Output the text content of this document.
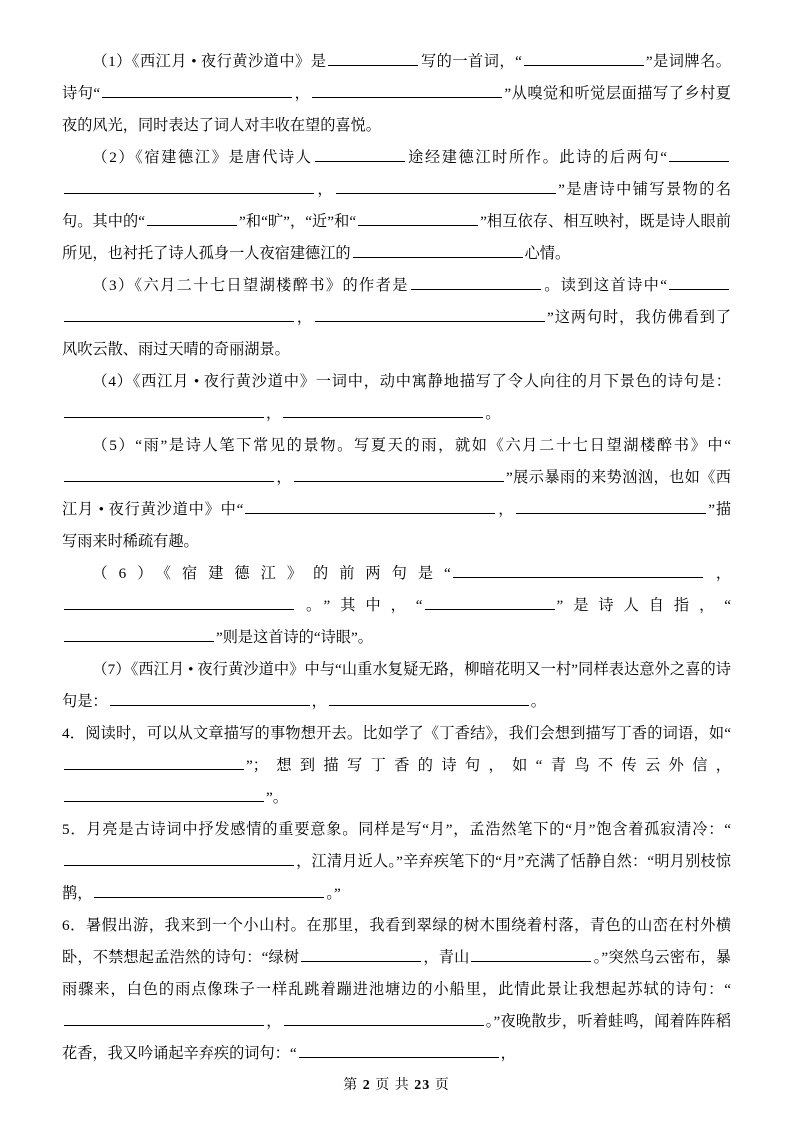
（1）《西江月 • 夜行黄沙道中》是	写的一首词，“	”是词牌名。诗句“	，	”从嗅觉和听觉层面描写了乡村夏夜的风光，同时表达了词人对丰收在望的喜悦。
（2）《宿建德江》是唐代诗人	途经建德江时所作。此诗的后两句“　，	”是唐诗中铺写景物的名句。其中的“	”和“旷”，“近”和“	”相互依存、相互映衬，既是诗人眼前所见，也衬托了诗人孤身一人夜宿建德江的	心情。
（3）《六月二十七日望湖楼醉书》的作者是	。读到这首诗中“　，	”这两句时，我仿佛看到了风吹云散、雨过天晴的奇丽湖景。
（4）《西江月 • 夜行黄沙道中》一词中，动中寓静地描写了令人向往的月下景色的诗句是：，	。
（5）“雨”是诗人笔下常见的景物。写夏天的雨，就如《六月二十七日望湖楼醉书》中“，	”展示暴雨的来势汹汹，也如《西江月 • 夜行黄沙道中》中“	，	”描写雨来时稀疏有趣。
（6）《宿建德江》的前两句是“	，。”其中，“	”是诗人自指，“”则是这首诗的“诗眼”。
（7）《西江月 • 夜行黄沙道中》中与“山重水复疑无路，柳暗花明又一村”同样表达意外之喜的诗句是：	，	。
4．阅读时，可以从文章描写的事物想开去。比如学了《丁香结》，我们会想到描写丁香的词语，如“”；想到描写丁香的诗句，如“青鸟不传云外信，”。
5．月亮是古诗词中抒发感情的重要意象。同样是写“月”，孟浩然笔下的“月”饱含着孤寂清冷：“，江清月近人。”辛弃疾笔下的“月”充满了恬静自然：“明月别枝惊鹊，	。”
6．暑假出游，我来到一个小山村。在那里，我看到翠绿的树木围绕着村落，青色的山峦在村外横卧，不禁想起孟浩然的诗句：“绿树	，青山	。”突然乌云密布，暴雨骤来，白色的雨点像珠子一样乱跳着蹦进池塘边的小船里，此情此景让我想起苏轼的诗句：“，	。”夜晚散步，听着蛙鸣，闻着阵阵稻花香，我又吟诵起辛弃疾的词句：“	，
第 2 页 共 23 页
